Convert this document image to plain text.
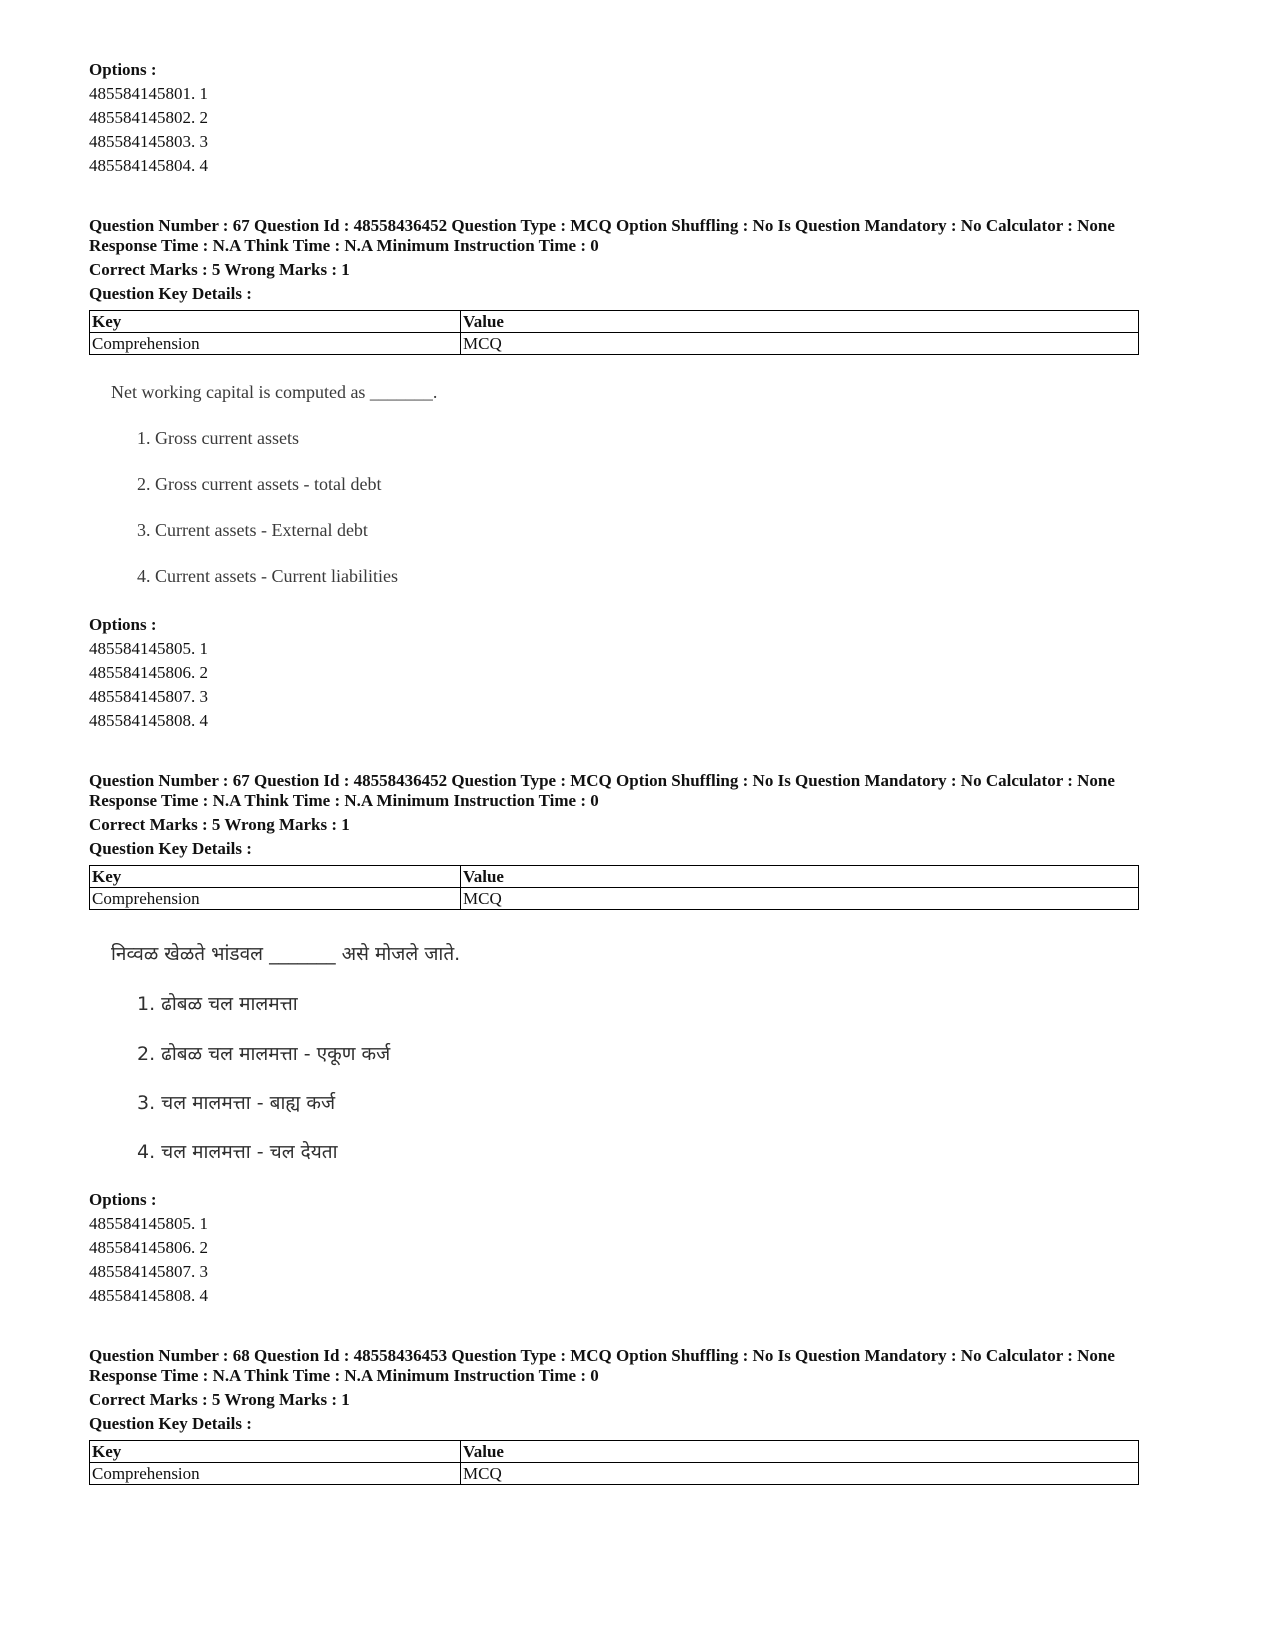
Options :
485584145801. 1
485584145802. 2
485584145803. 3
485584145804. 4
Question Number : 67 Question Id : 48558436452 Question Type : MCQ Option Shuffling : No Is Question Mandatory : No Calculator : None
Response Time : N.A Think Time : N.A Minimum Instruction Time : 0
Correct Marks : 5 Wrong Marks : 1
Question Key Details :
Key	Value
Comprehension	MCQ
Net working capital is computed as _______.
1. Gross current assets
2. Gross current assets - total debt
3. Current assets - External debt
4. Current assets - Current liabilities
Options :
485584145805. 1
485584145806. 2
485584145807. 3
485584145808. 4
Question Number : 67 Question Id : 48558436452 Question Type : MCQ Option Shuffling : No Is Question Mandatory : No Calculator : None
Response Time : N.A Think Time : N.A Minimum Instruction Time : 0
Correct Marks : 5 Wrong Marks : 1
Question Key Details :
Key	Value
Comprehension	MCQ
निव्वळ खेळते भांडवल _______ असे मोजले जाते.
1. ढोबळ चल मालमत्ता
2. ढोबळ चल मालमत्ता - एकूण कर्ज
3. चल मालमत्ता - बाह्य कर्ज
4. चल मालमत्ता - चल देयता
Options :
485584145805. 1
485584145806. 2
485584145807. 3
485584145808. 4
Question Number : 68 Question Id : 48558436453 Question Type : MCQ Option Shuffling : No Is Question Mandatory : No Calculator : None
Response Time : N.A Think Time : N.A Minimum Instruction Time : 0
Correct Marks : 5 Wrong Marks : 1
Question Key Details :
Key	Value
Comprehension	MCQ
